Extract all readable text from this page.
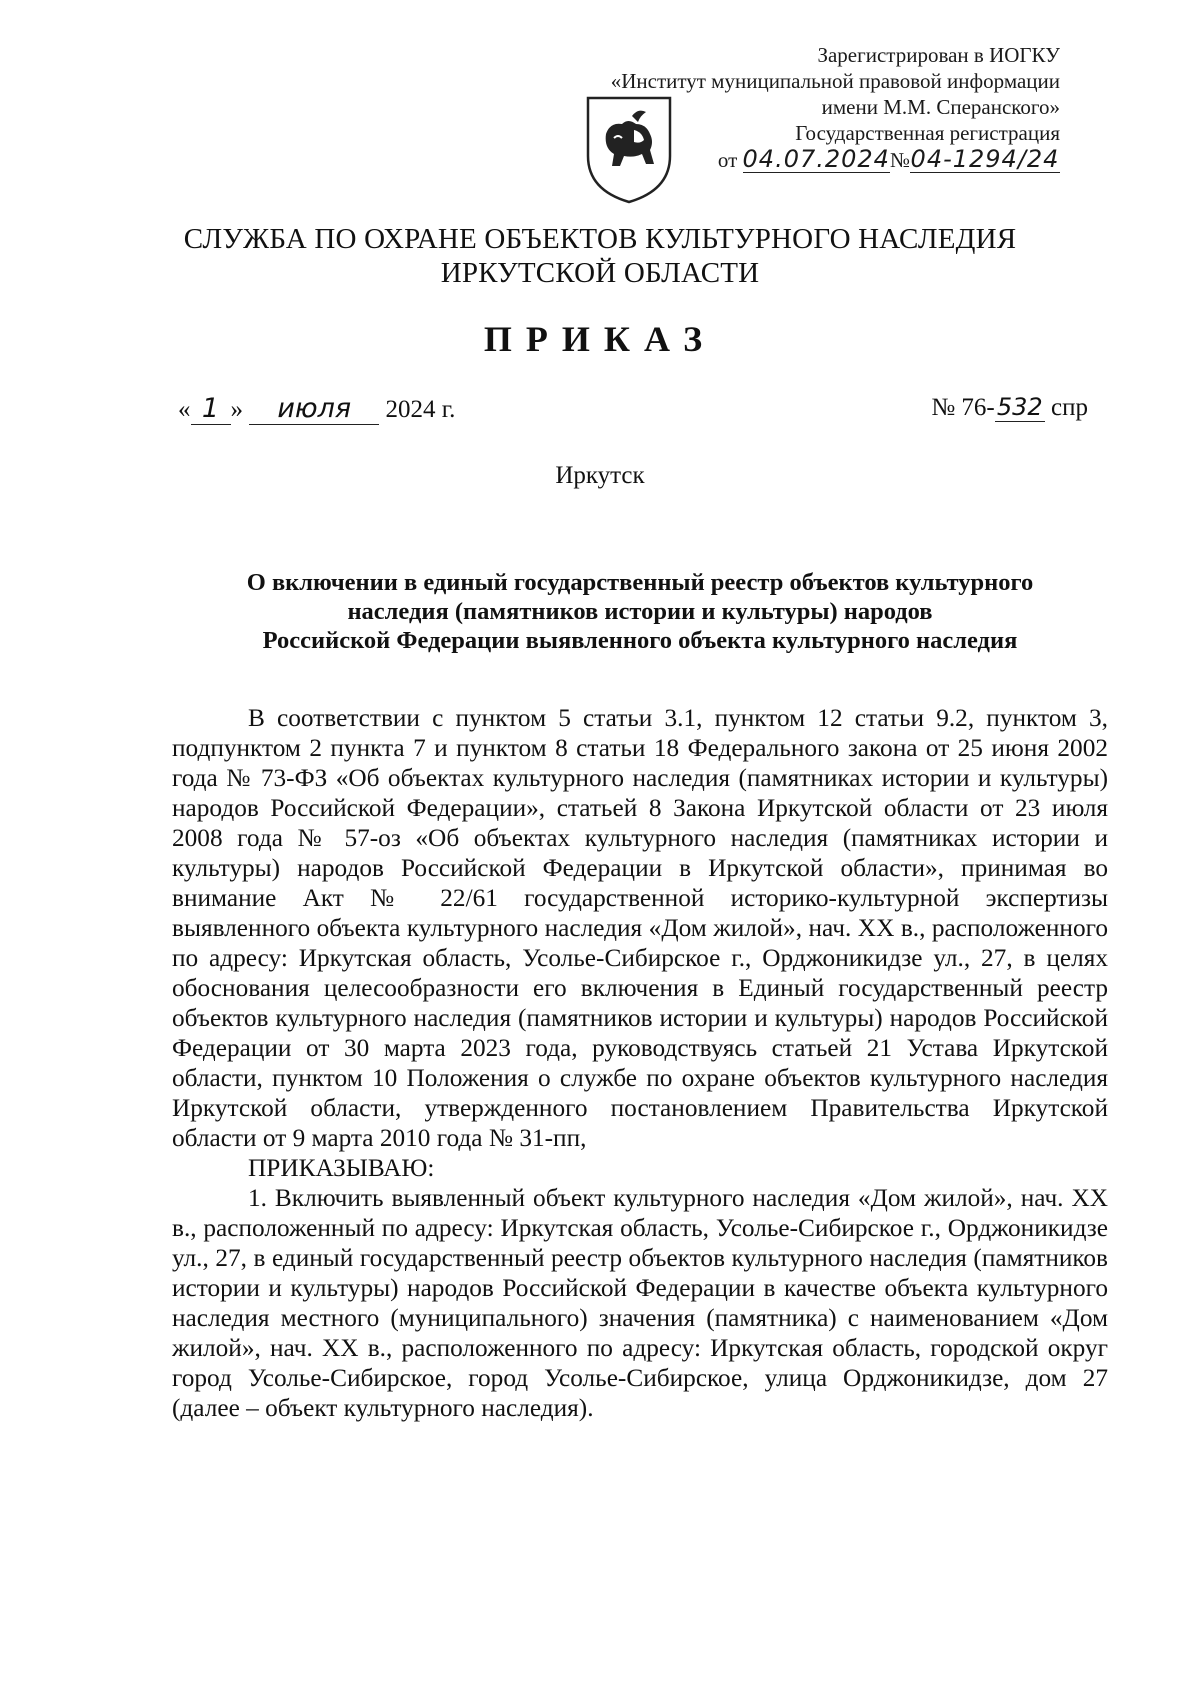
Зарегистрирован в ИОГКУ
«Институт муниципальной правовой информации
имени М.М. Сперанского»
Государственная регистрация
от 04.07.2024№04-1294/24
СЛУЖБА ПО ОХРАНЕ ОБЪЕКТОВ КУЛЬТУРНОГО НАСЛЕДИЯ
ИРКУТСКОЙ ОБЛАСТИ
ПРИКАЗ
« 1 » июля 2024 г.	№ 76-532 спр
Иркутск
О включении в единый государственный реестр объектов культурного
наследия (памятников истории и культуры) народов
Российской Федерации выявленного объекта культурного наследия

В соответствии с пунктом 5 статьи 3.1, пунктом 12 статьи 9.2, пунктом 3, подпунктом 2 пункта 7 и пунктом 8 статьи 18 Федерального закона от 25 июня 2002 года № 73-ФЗ «Об объектах культурного наследия (памятниках истории и культуры) народов Российской Федерации», статьей 8 Закона Иркутской области от 23 июля 2008 года № 57-оз «Об объектах культурного наследия (памятниках истории и культуры) народов Российской Федерации в Иркутской области», принимая во внимание Акт № 22/61 государственной историко-культурной экспертизы выявленного объекта культурного наследия «Дом жилой», нач. XX в., расположенного по адресу: Иркутская область, Усолье-Сибирское г., Орджоникидзе ул., 27, в целях обоснования целесообразности его включения в Единый государственный реестр объектов культурного наследия (памятников истории и культуры) народов Российской Федерации от 30 марта 2023 года, руководствуясь статьей 21 Устава Иркутской области, пунктом 10 Положения о службе по охране объектов культурного наследия Иркутской области, утвержденного постановлением Правительства Иркутской области от 9 марта 2010 года № 31-пп,

ПРИКАЗЫВАЮ:

1. Включить выявленный объект культурного наследия «Дом жилой», нач. XX в., расположенный по адресу: Иркутская область, Усолье-Сибирское г., Орджоникидзе ул., 27, в единый государственный реестр объектов культурного наследия (памятников истории и культуры) народов Российской Федерации в качестве объекта культурного наследия местного (муниципального) значения (памятника) с наименованием «Дом жилой», нач. XX в., расположенного по адресу: Иркутская область, городской округ город Усолье-Сибирское, город Усолье-Сибирское, улица Орджоникидзе, дом 27 (далее – объект культурного наследия).
